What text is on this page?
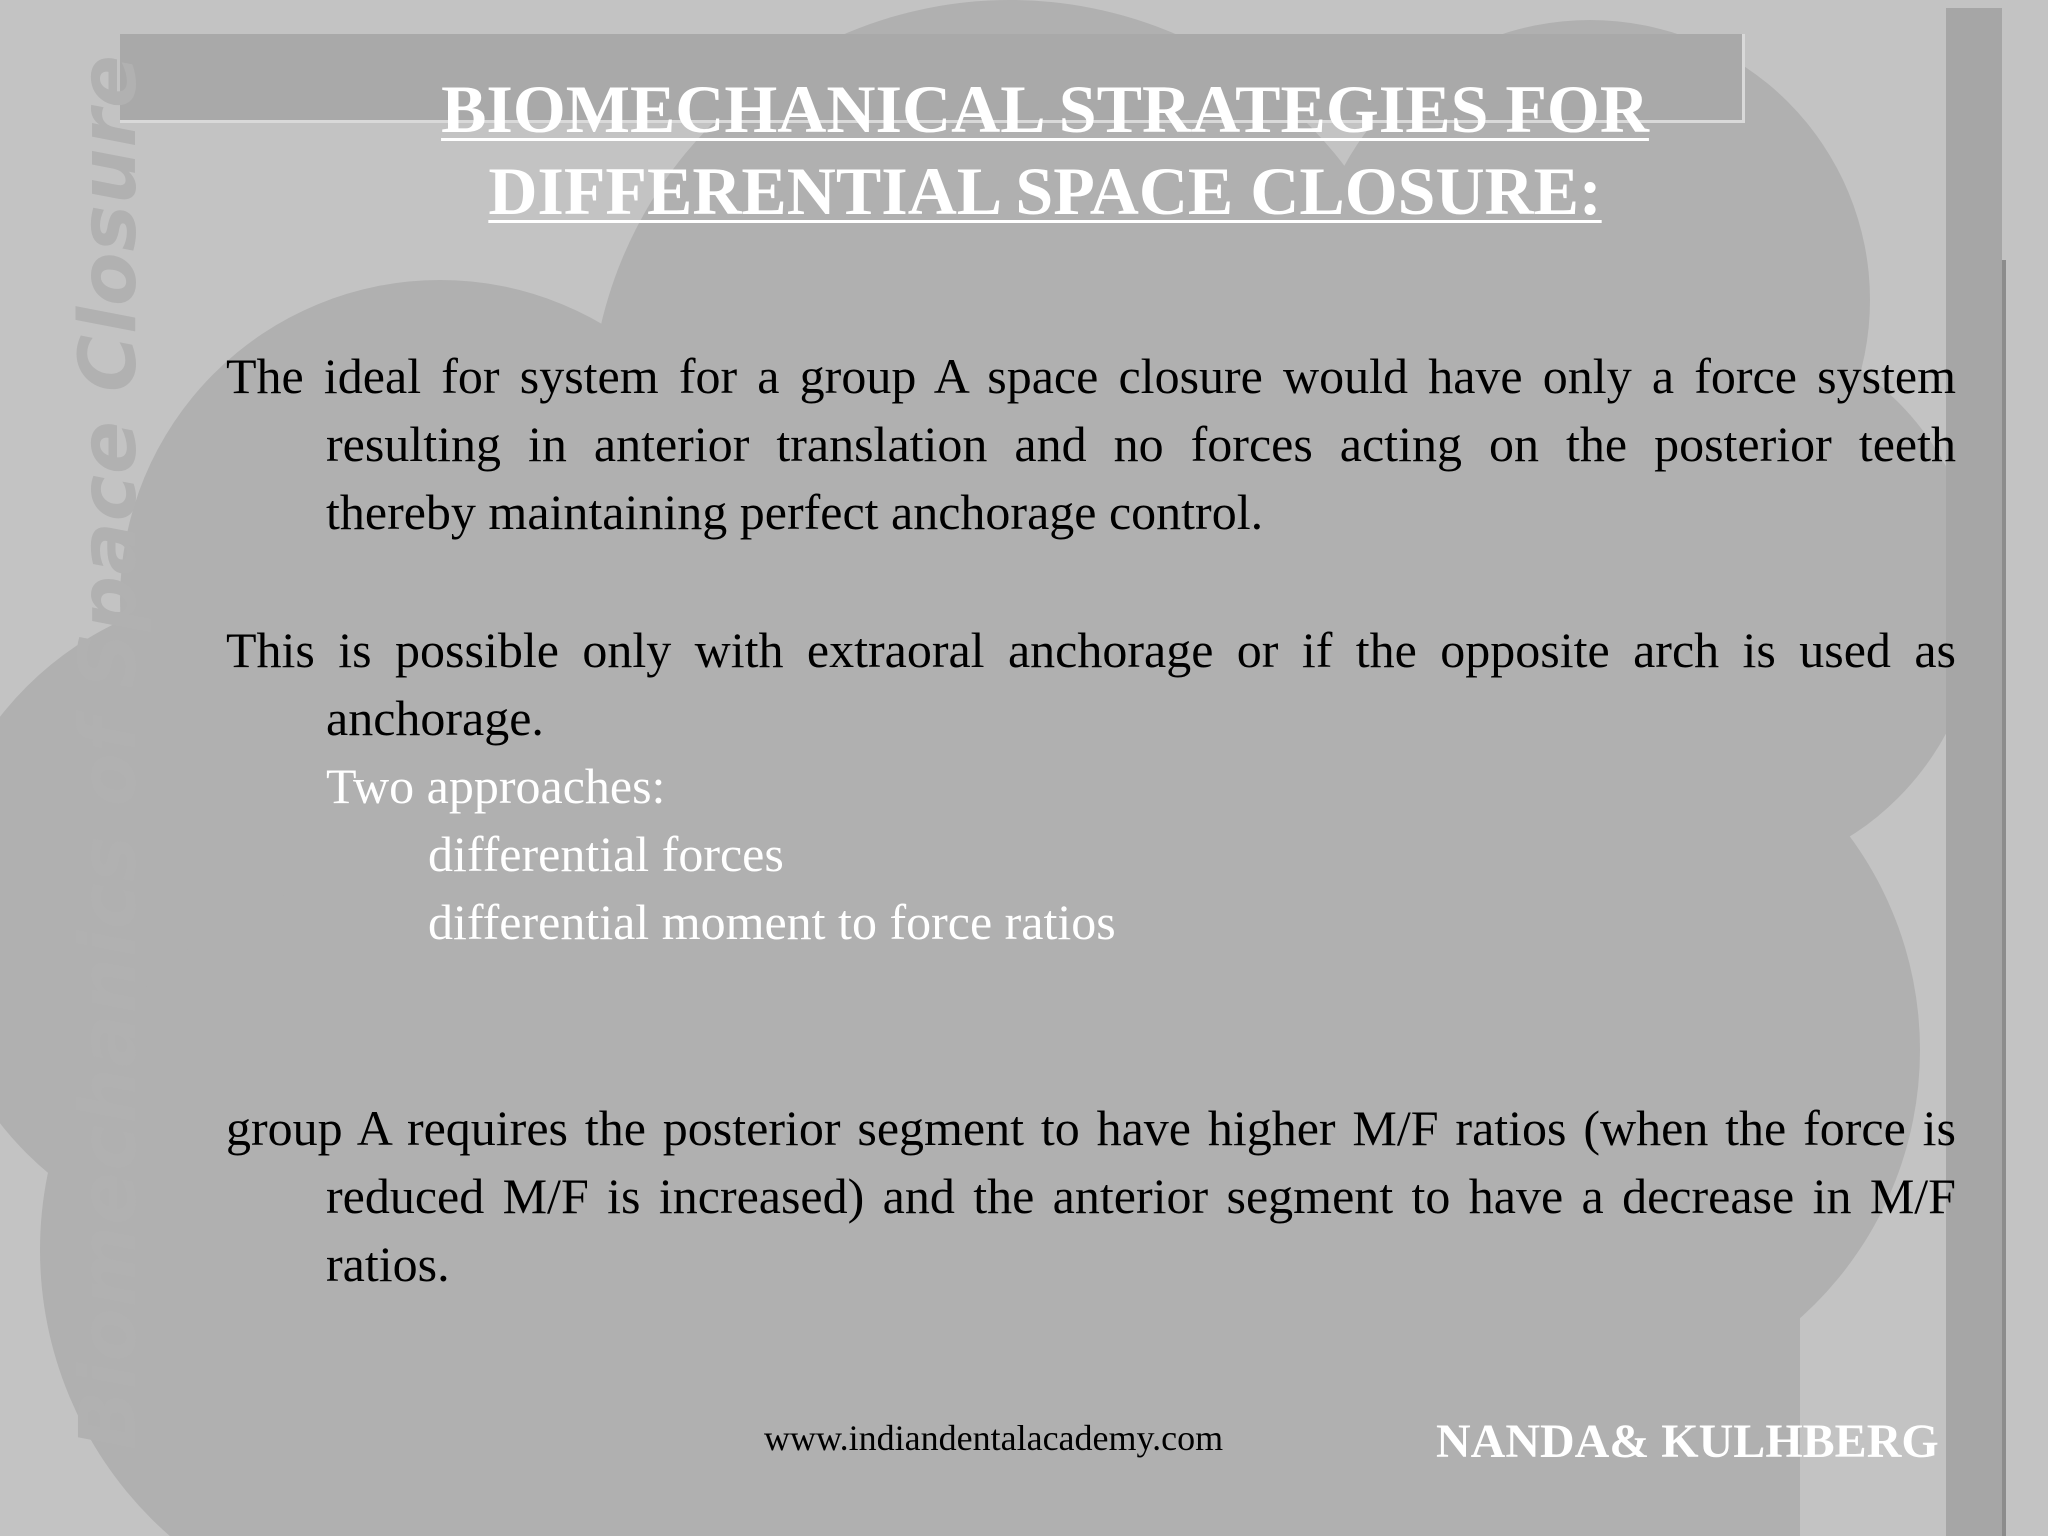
Biomechanics of Space Closure	BIOMECHANICAL STRATEGIES FOR
DIFFERENTIAL SPACE CLOSURE:
The ideal for system for a group A space closure would have only a force system resulting in anterior translation and no forces acting on the posterior teeth thereby maintaining perfect anchorage control.
This is possible only with extraoral anchorage or if the opposite arch is used as anchorage.
Two approaches:
differential forces
differential moment to force ratios
group A requires the posterior segment to have higher M/F ratios (when the force is reduced M/F is increased) and the anterior segment to have a decrease in M/F ratios.
www.indiandentalacademy.com	NANDA& KULHBERG
